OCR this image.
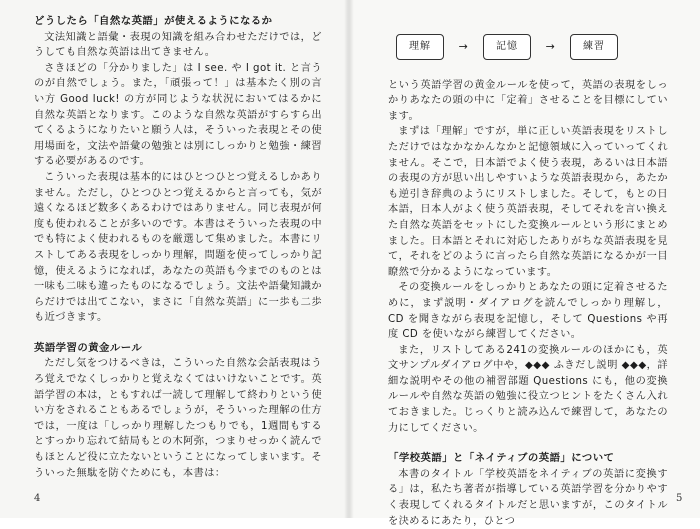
どうしたら「自然な英語」が使えるようになるか

文法知識と語彙・表現の知識を組み合わせただけでは，どうしても自然な英語は出てきません。

さきほどの「分かりました」は I see. や I got it. と言うのが自然でしょう。また，「頑張って！」は基本たく別の言い方 Good luck! の方が同じような状況においてはるかに自然な英語となります。このような自然な英語がすらすら出てくるようになりたいと願う人は，そういった表現とその使用場面を，文法や語彙の勉強とは別にしっかりと勉強・練習する必要があるのです。

こういった表現は基本的にはひとつひとつ覚えるしかありません。ただし，ひとつひとつ覚えるからと言っても，気が遠くなるほど数多くあるわけではありません。同じ表現が何度も使われることが多いのです。本書はそういった表現の中でも特によく使われるものを厳選して集めました。本書にリストしてある表現をしっかり理解，問題を使ってしっかり記憶，使えるようになれば，あなたの英語も今までのものとは一味も二味も違ったものになるでしょう。文法や語彙知識からだけでは出てこない，まさに「自然な英語」に一歩も二歩も近づきます。

英語学習の黄金ルール

ただし気をつけるべきは，こういった自然な会話表現はうろ覚えでなくしっかりと覚えなくてはいけないことです。英語学習の本は，ともすれば一読して理解して終わりという使い方をされることもあるでしょうが，そういった理解の仕方では，一度は「しっかり理解したつもりでも，1週間もするとすっかり忘れて結局もとの木阿弥，つまりせっかく読んでもほとんど役に立たないということになってしまいます。そういった無駄を防ぐためにも，本書は：

4
理解	→	記憶	→	練習

という英語学習の黄金ルールを使って，英語の表現をしっかりあなたの頭の中に「定着」させることを目標にしています。

まずは「理解」ですが，単に正しい英語表現をリストしただけではなかなかんなかと記憶領域に入っていってくれません。そこで，日本語でよく使う表現，あるいは日本語の表現の方が思い出しやすいような英語表現から，あたかも逆引き辞典のようにリストしました。そして，もとの日本語，日本人がよく使う英語表現，そしてそれを言い換えた自然な英語をセットにした変換ルールという形にまとめました。日本語とそれに対応したありがちな英語表現を見て，それをどのように言ったら自然な英語になるかが一目瞭然で分かるようになっています。

その変換ルールをしっかりとあなたの頭に定着させるために，まず説明・ダイアログを読んでしっかり理解し，CD を聞きながら表現を記憶し，そして Questions や再度 CD を使いながら練習してください。

また，リストしてある241の変換ルールのほかにも，英文サンプルダイアログ中や，◆◆◆ ふきだし説明 ◆◆◆，詳細な説明やその他の補習部題 Questions にも，他の変換ルールや自然な英語の勉強に役立つヒントをたくさん入れておきました。じっくりと読み込んで練習して，あなたの力にしてください。

「学校英語」と「ネイティブの英語」について

本書のタイトル「学校英語をネイティブの英語に変換する」は，私たち著者が指導している英語学習を分かりやすく表現してくれるタイトルだと思いますが，このタイトルを決めるにあたり，ひとつ

5
